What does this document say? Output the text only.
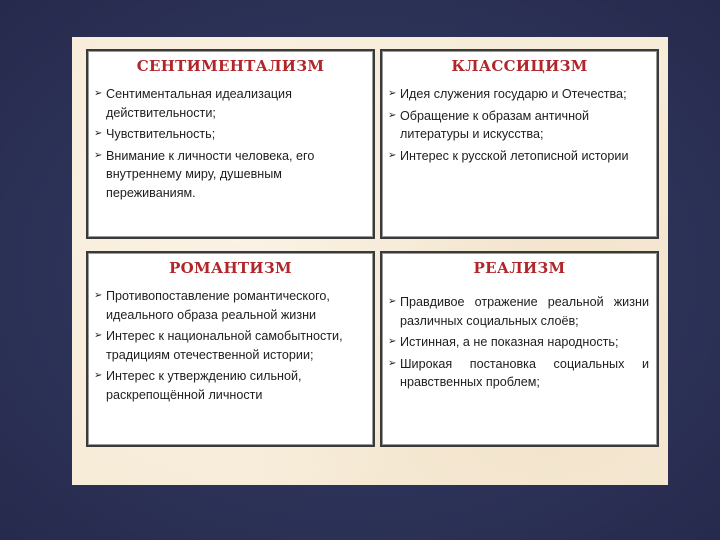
СЕНТИМЕНТАЛИЗМ
➢ Сентиментальная идеализация действительности;
➢ Чувствительность;
➢ Внимание к личности человека, его внутреннему миру, душевным переживаниям.
КЛАССИЦИЗМ
➢ Идея служения государю и Отечества;
➢ Обращение к образам античной литературы и искусства;
➢ Интерес к русской летописной истории
РОМАНТИЗМ
➢ Противопоставление романтического, идеального образа реальной жизни
➢ Интерес к национальной самобытности, традициям отечественной истории;
➢ Интерес к утверждению сильной, раскрепощённой личности
РЕАЛИЗМ
➢ Правдивое отражение реальной жизни различных социальных слоёв;
➢ Истинная, а не показная народность;
➢ Широкая постановка социальных и нравственных проблем;
